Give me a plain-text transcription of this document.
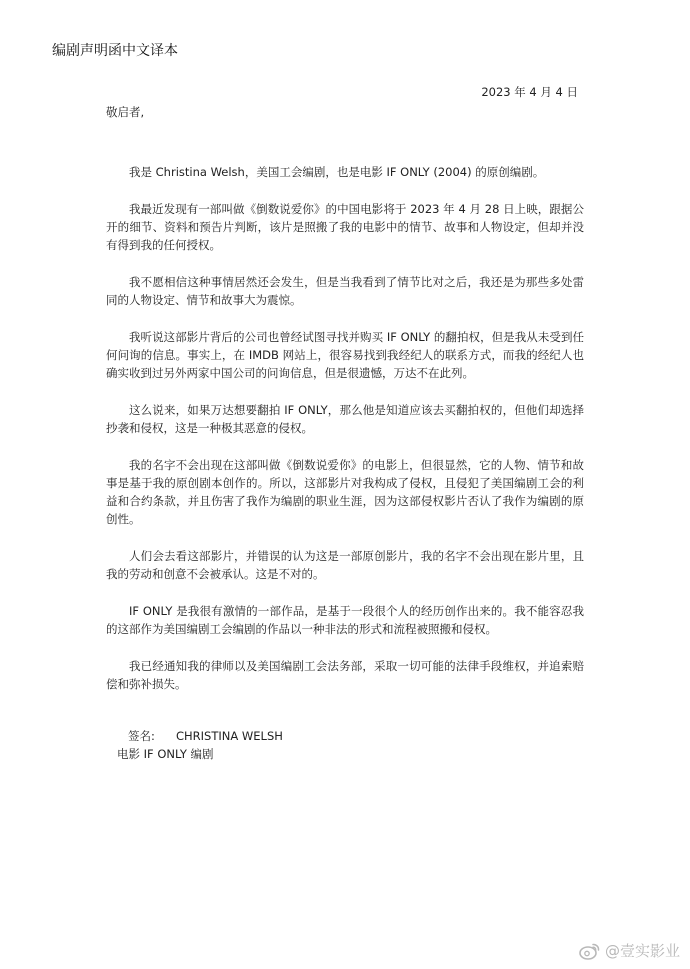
编剧声明函中文译本
2023 年 4 月 4 日
敬启者,

我是 Christina Welsh，美国工会编剧，也是电影 IF ONLY (2004) 的原创编剧。

我最近发现有一部叫做《倒数说爱你》的中国电影将于 2023 年 4 月 28 日上映，跟据公开的细节、资料和预告片判断，该片是照搬了我的电影中的情节、故事和人物设定，但却并没有得到我的任何授权。

我不愿相信这种事情居然还会发生，但是当我看到了情节比对之后，我还是为那些多处雷同的人物设定、情节和故事大为震惊。

我听说这部影片背后的公司也曾经试图寻找并购买 IF ONLY 的翻拍权，但是我从未受到任何问询的信息。事实上，在 IMDB 网站上，很容易找到我经纪人的联系方式，而我的经纪人也确实收到过另外两家中国公司的问询信息，但是很遗憾，万达不在此列。

这么说来，如果万达想要翻拍 IF ONLY，那么他是知道应该去买翻拍权的，但他们却选择抄袭和侵权，这是一种极其恶意的侵权。

我的名字不会出现在这部叫做《倒数说爱你》的电影上，但很显然，它的人物、情节和故事是基于我的原创剧本创作的。所以，这部影片对我构成了侵权，且侵犯了美国编剧工会的利益和合约条款，并且伤害了我作为编剧的职业生涯，因为这部侵权影片否认了我作为编剧的原创性。

人们会去看这部影片，并错误的认为这是一部原创影片，我的名字不会出现在影片里，且我的劳动和创意不会被承认。这是不对的。

IF ONLY 是我很有激情的一部作品，是基于一段很个人的经历创作出来的。我不能容忍我的这部作为美国编剧工会编剧的作品以一种非法的形式和流程被照搬和侵权。

我已经通知我的律师以及美国编剧工会法务部，采取一切可能的法律手段维权，并追索赔偿和弥补损失。

签名: CHRISTINA WELSH
电影 IF ONLY 编剧
@壹实影业
